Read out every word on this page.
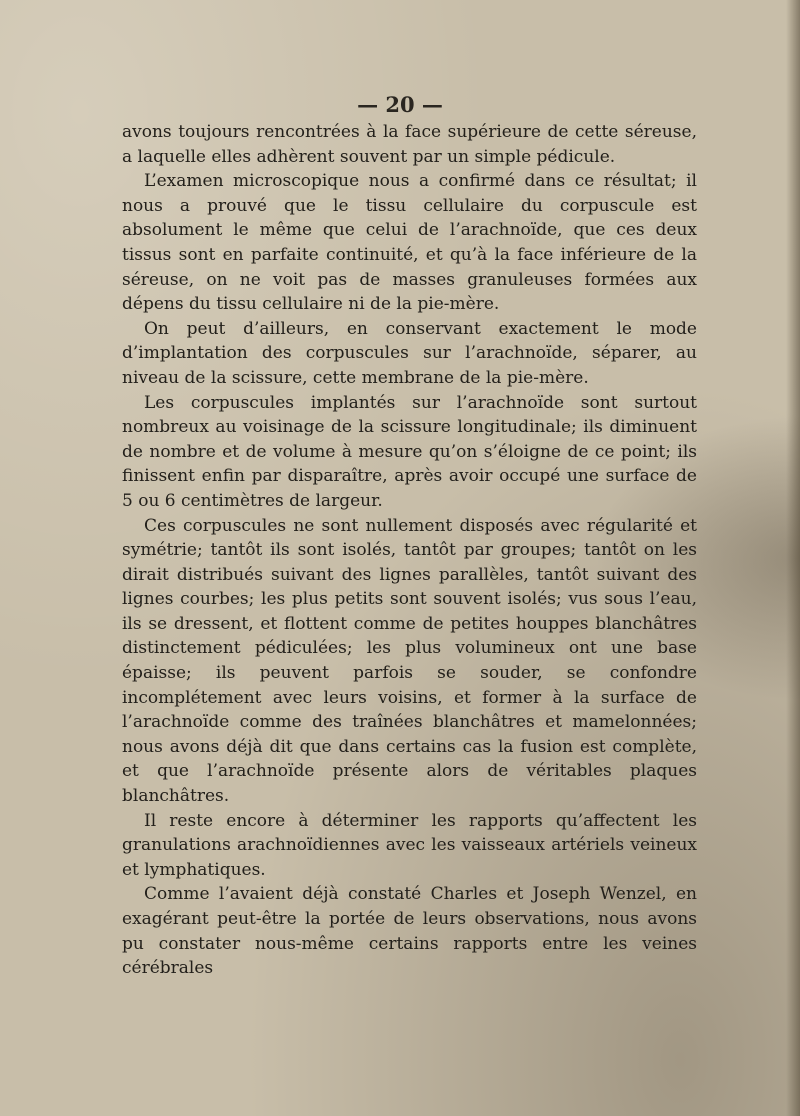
— 20 —

avons toujours rencontrées à la face supérieure de cette séreuse, a laquelle elles adhèrent souvent par un simple pédicule.

L’examen microscopique nous a confirmé dans ce résultat; il nous a prouvé que le tissu cellulaire du corpuscule est absolument le même que celui de l’arachnoïde, que ces deux tissus sont en parfaite continuité, et qu’à la face inférieure de la séreuse, on ne voit pas de masses granuleuses formées aux dépens du tissu cellulaire ni de la pie-mère.

On peut d’ailleurs, en conservant exactement le mode d’implantation des corpuscules sur l’arachnoïde, séparer, au niveau de la scissure, cette membrane de la pie-mère.

Les corpuscules implantés sur l’arachnoïde sont surtout nombreux au voisinage de la scissure longitudinale; ils diminuent de nombre et de volume à mesure qu’on s’éloigne de ce point; ils finissent enfin par disparaître, après avoir occupé une surface de 5 ou 6 centimètres de largeur.

Ces corpuscules ne sont nullement disposés avec régularité et symétrie; tantôt ils sont isolés, tantôt par groupes; tantôt on les dirait distribués suivant des lignes parallèles, tantôt suivant des lignes courbes; les plus petits sont souvent isolés; vus sous l’eau, ils se dressent, et flottent comme de petites houppes blanchâtres distinctement pédiculées; les plus volumineux ont une base épaisse; ils peuvent parfois se souder, se confondre incomplétement avec leurs voisins, et former à la surface de l’arachnoïde comme des traînées blanchâtres et mamelonnées; nous avons déjà dit que dans certains cas la fusion est complète, et que l’arachnoïde présente alors de véritables plaques blanchâtres.

Il reste encore à déterminer les rapports qu’affectent les granulations arachnoïdiennes avec les vaisseaux artériels veineux et lymphatiques.

Comme l’avaient déjà constaté Charles et Joseph Wenzel, en exagérant peut-être la portée de leurs observations, nous avons pu constater nous-même certains rapports entre les veines cérébrales
